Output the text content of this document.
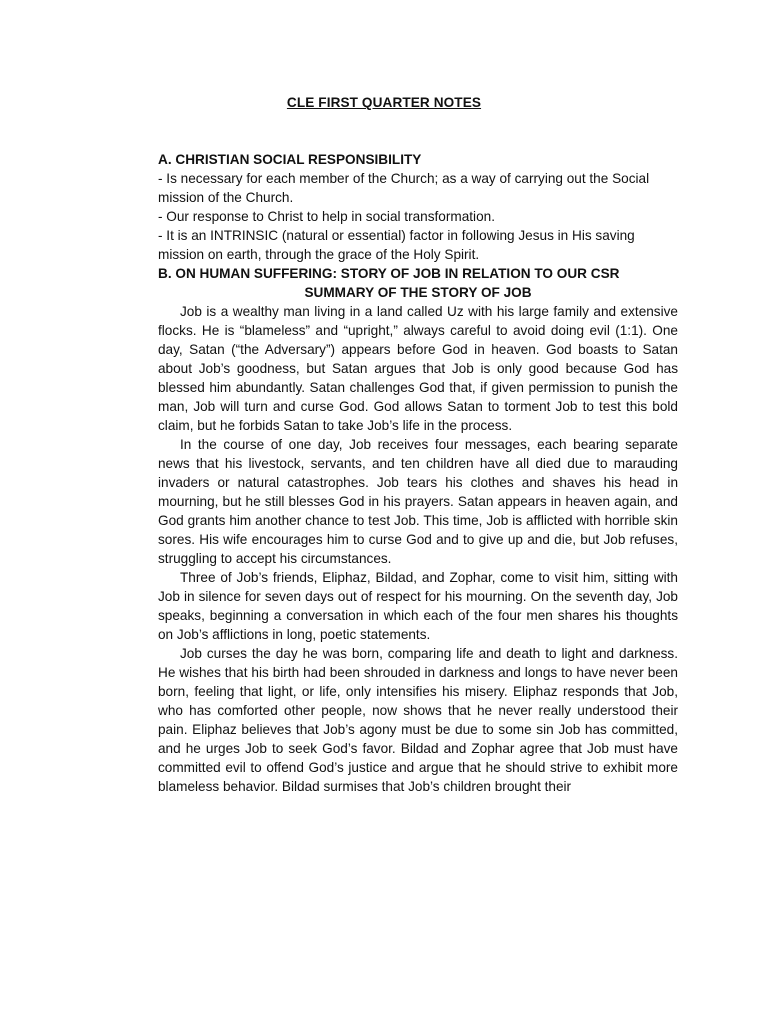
CLE FIRST QUARTER NOTES

A. CHRISTIAN SOCIAL RESPONSIBILITY

- Is necessary for each member of the Church; as a way of carrying out the Social mission of the Church.

- Our response to Christ to help in social transformation.

- It is an INTRINSIC (natural or essential) factor in following Jesus in His saving mission on earth, through the grace of the Holy Spirit.

B. ON HUMAN SUFFERING: STORY OF JOB IN RELATION TO OUR CSR

SUMMARY OF THE STORY OF JOB

Job is a wealthy man living in a land called Uz with his large family and extensive flocks. He is “blameless” and “upright,” always careful to avoid doing evil (1:1). One day, Satan (“the Adversary”) appears before God in heaven. God boasts to Satan about Job’s goodness, but Satan argues that Job is only good because God has blessed him abundantly. Satan challenges God that, if given permission to punish the man, Job will turn and curse God. God allows Satan to torment Job to test this bold claim, but he forbids Satan to take Job’s life in the process.

In the course of one day, Job receives four messages, each bearing separate news that his livestock, servants, and ten children have all died due to marauding invaders or natural catastrophes. Job tears his clothes and shaves his head in mourning, but he still blesses God in his prayers. Satan appears in heaven again, and God grants him another chance to test Job. This time, Job is afflicted with horrible skin sores. His wife encourages him to curse God and to give up and die, but Job refuses, struggling to accept his circumstances.

Three of Job’s friends, Eliphaz, Bildad, and Zophar, come to visit him, sitting with Job in silence for seven days out of respect for his mourning. On the seventh day, Job speaks, beginning a conversation in which each of the four men shares his thoughts on Job’s afflictions in long, poetic statements.

Job curses the day he was born, comparing life and death to light and darkness. He wishes that his birth had been shrouded in darkness and longs to have never been born, feeling that light, or life, only intensifies his misery. Eliphaz responds that Job, who has comforted other people, now shows that he never really understood their pain. Eliphaz believes that Job’s agony must be due to some sin Job has committed, and he urges Job to seek God’s favor. Bildad and Zophar agree that Job must have committed evil to offend God’s justice and argue that he should strive to exhibit more blameless behavior. Bildad surmises that Job’s children brought their
